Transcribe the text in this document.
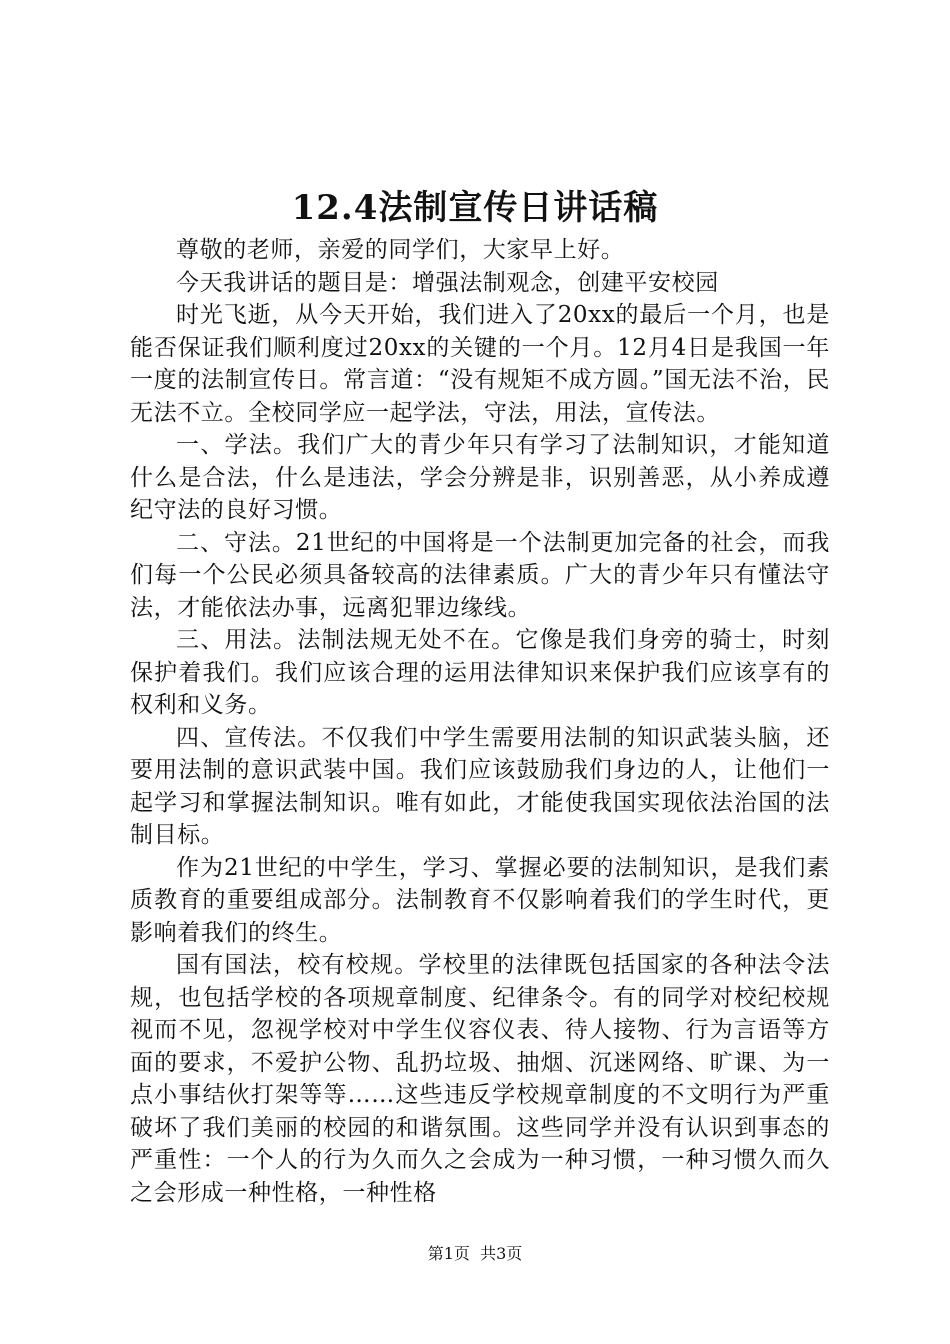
12.4法制宣传日讲话稿

尊敬的老师，亲爱的同学们，大家早上好。

今天我讲话的题目是：增强法制观念，创建平安校园

时光飞逝，从今天开始，我们进入了20xx的最后一个月，也是能否保证我们顺利度过20xx的关键的一个月。12月4日是我国一年一度的法制宣传日。常言道：“没有规矩不成方圆。”国无法不治，民无法不立。全校同学应一起学法，守法，用法，宣传法。

一、学法。我们广大的青少年只有学习了法制知识，才能知道什么是合法，什么是违法，学会分辨是非，识别善恶，从小养成遵纪守法的良好习惯。

二、守法。21世纪的中国将是一个法制更加完备的社会，而我们每一个公民必须具备较高的法律素质。广大的青少年只有懂法守法，才能依法办事，远离犯罪边缘线。

三、用法。法制法规无处不在。它像是我们身旁的骑士，时刻保护着我们。我们应该合理的运用法律知识来保护我们应该享有的权利和义务。

四、宣传法。不仅我们中学生需要用法制的知识武装头脑，还要用法制的意识武装中国。我们应该鼓励我们身边的人，让他们一起学习和掌握法制知识。唯有如此，才能使我国实现依法治国的法制目标。

作为21世纪的中学生，学习、掌握必要的法制知识，是我们素质教育的重要组成部分。法制教育不仅影响着我们的学生时代，更影响着我们的终生。

国有国法，校有校规。学校里的法律既包括国家的各种法令法规，也包括学校的各项规章制度、纪律条令。有的同学对校纪校规视而不见，忽视学校对中学生仪容仪表、待人接物、行为言语等方面的要求，不爱护公物、乱扔垃圾、抽烟、沉迷网络、旷课、为一点小事结伙打架等等……这些违反学校规章制度的不文明行为严重破坏了我们美丽的校园的和谐氛围。这些同学并没有认识到事态的严重性：一个人的行为久而久之会成为一种习惯，一种习惯久而久之会形成一种性格，一种性格

第1页 共3页
